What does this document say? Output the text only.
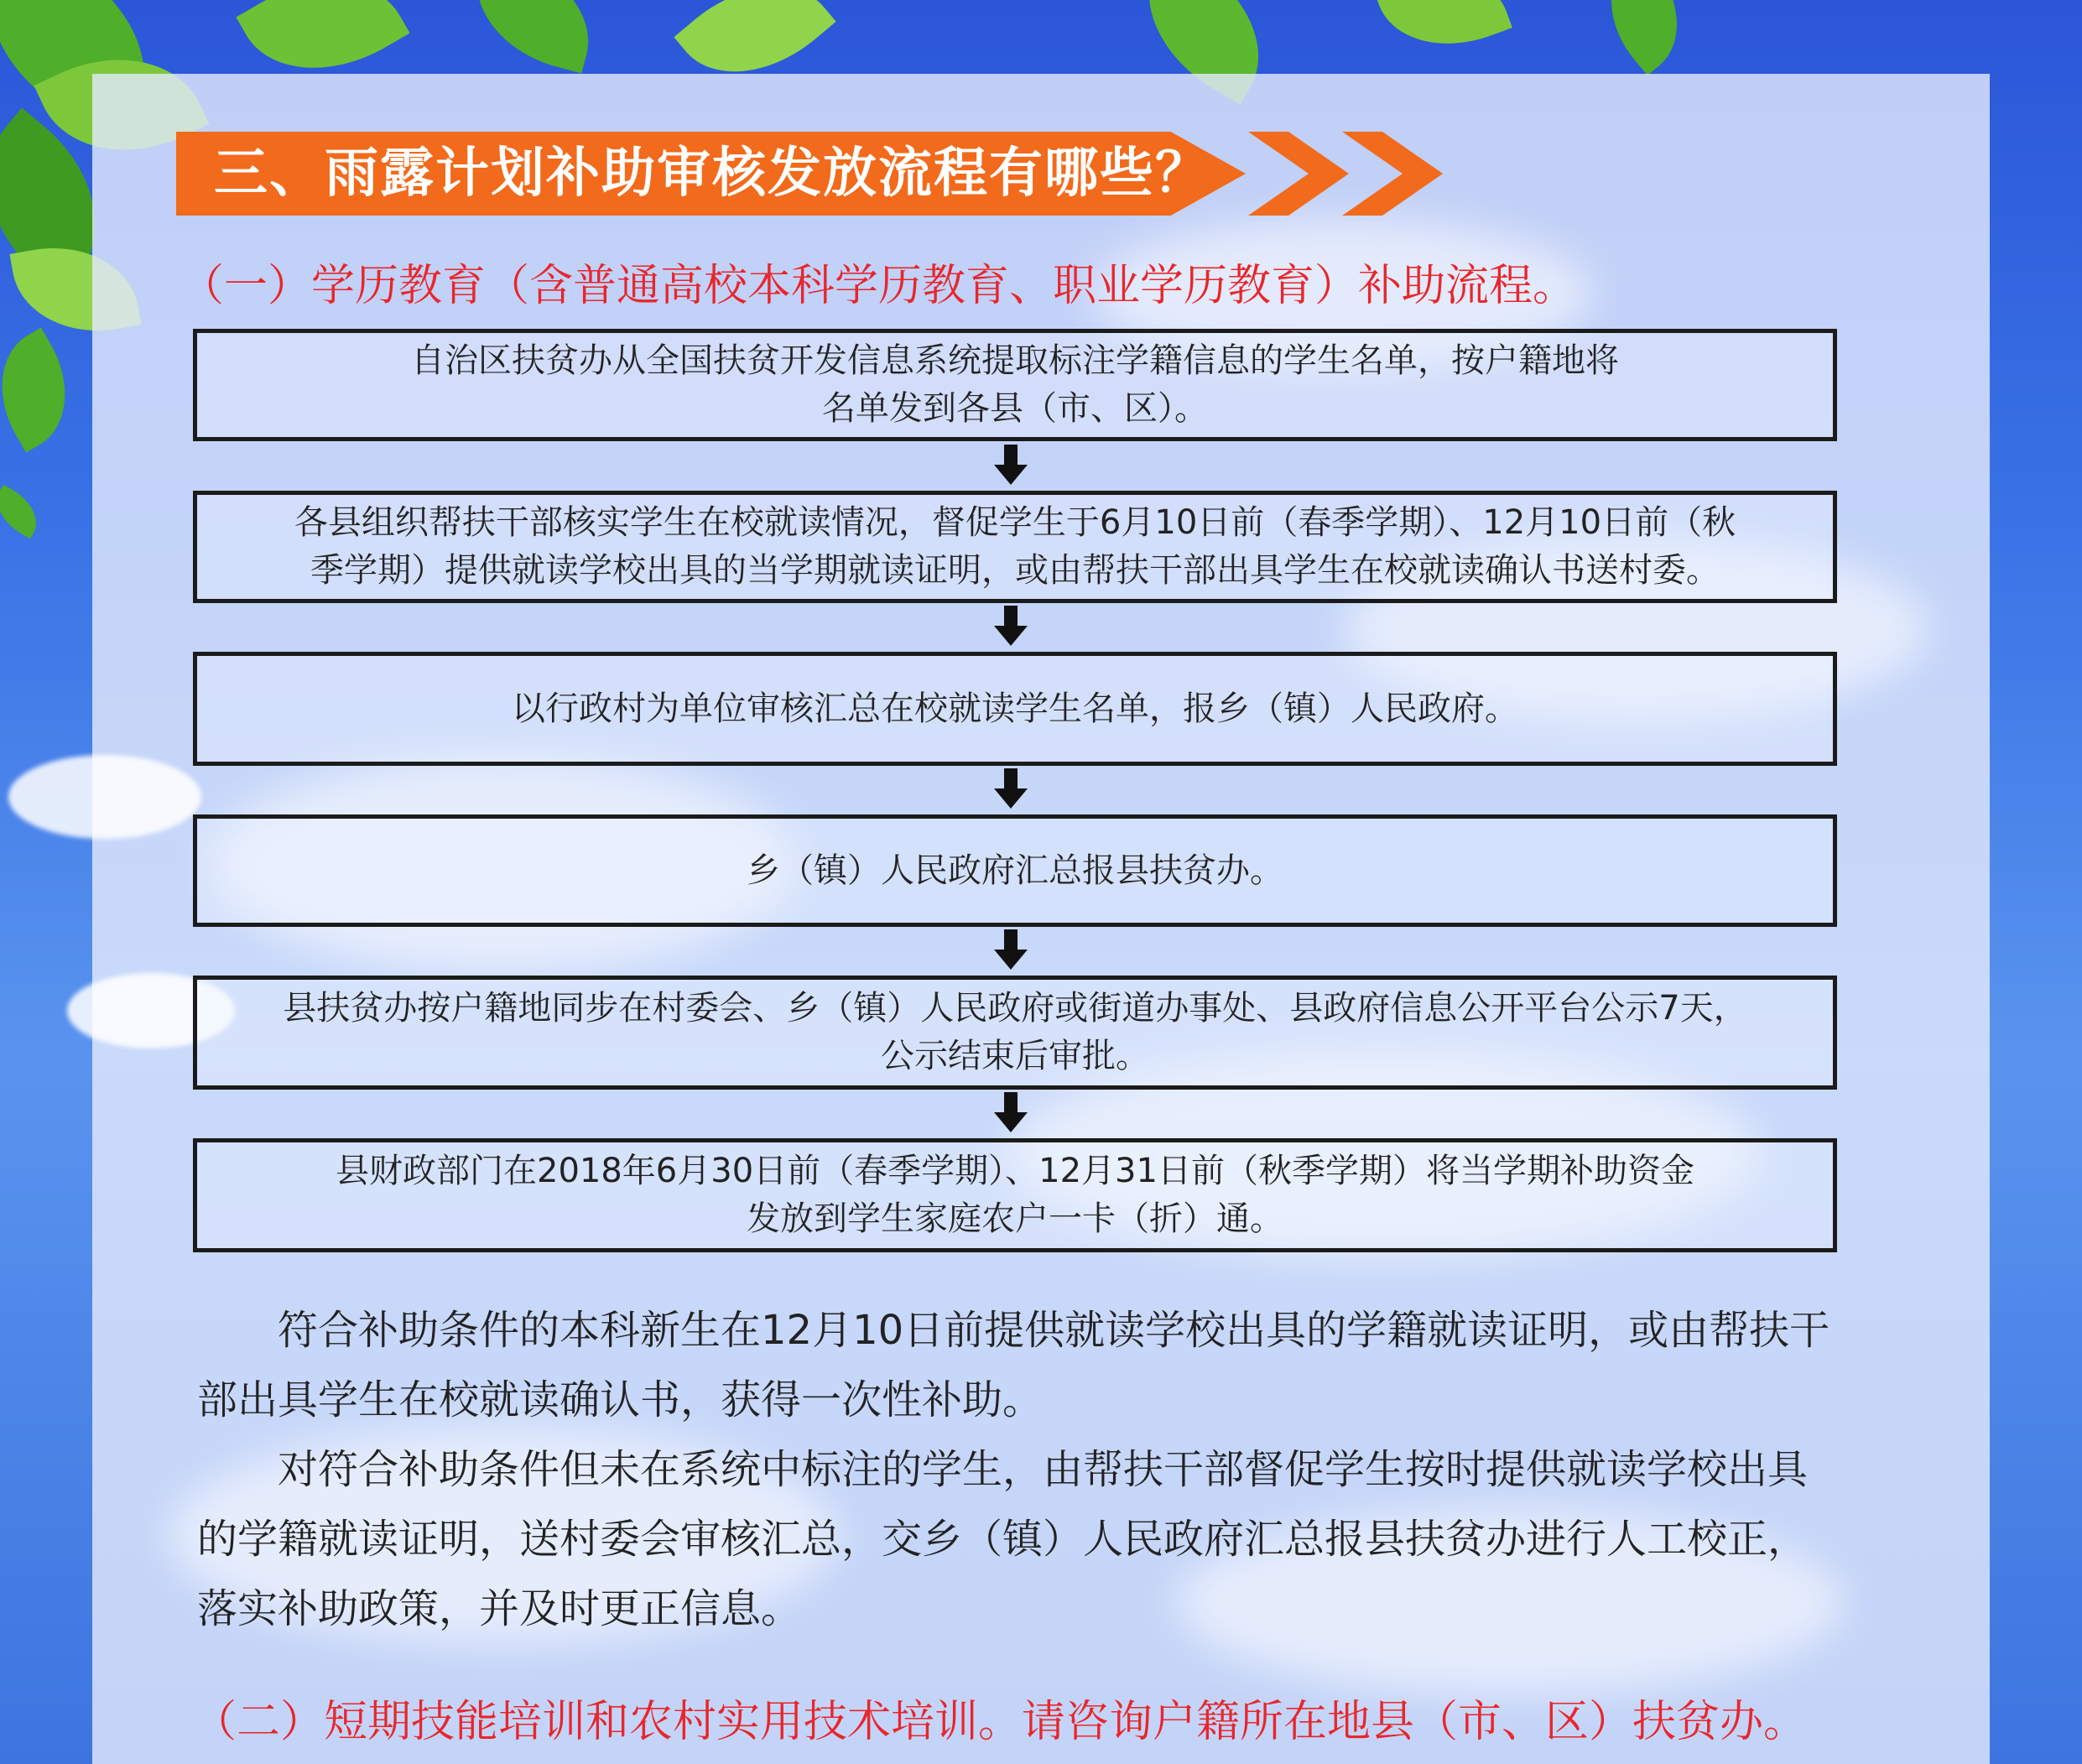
三、雨露计划补助审核发放流程有哪些？
（一）学历教育（含普通高校本科学历教育、职业学历教育）补助流程。
自治区扶贫办从全国扶贫开发信息系统提取标注学籍信息的学生名单，按户籍地将
名单发到各县（市、区）。
各县组织帮扶干部核实学生在校就读情况，督促学生于6月10日前（春季学期）、12月10日前（秋
季学期）提供就读学校出具的当学期就读证明，或由帮扶干部出具学生在校就读确认书送村委。
以行政村为单位审核汇总在校就读学生名单，报乡（镇）人民政府。
乡（镇）人民政府汇总报县扶贫办。
县扶贫办按户籍地同步在村委会、乡（镇）人民政府或街道办事处、县政府信息公开平台公示7天，
公示结束后审批。
县财政部门在2018年6月30日前（春季学期）、12月31日前（秋季学期）将当学期补助资金
发放到学生家庭农户一卡（折）通。
符合补助条件的本科新生在12月10日前提供就读学校出具的学籍就读证明，或由帮扶干部出具学生在校就读确认书，获得一次性补助。
对符合补助条件但未在系统中标注的学生，由帮扶干部督促学生按时提供就读学校出具的学籍就读证明，送村委会审核汇总，交乡（镇）人民政府汇总报县扶贫办进行人工校正，落实补助政策，并及时更正信息。
（二）短期技能培训和农村实用技术培训。请咨询户籍所在地县（市、区）扶贫办。
